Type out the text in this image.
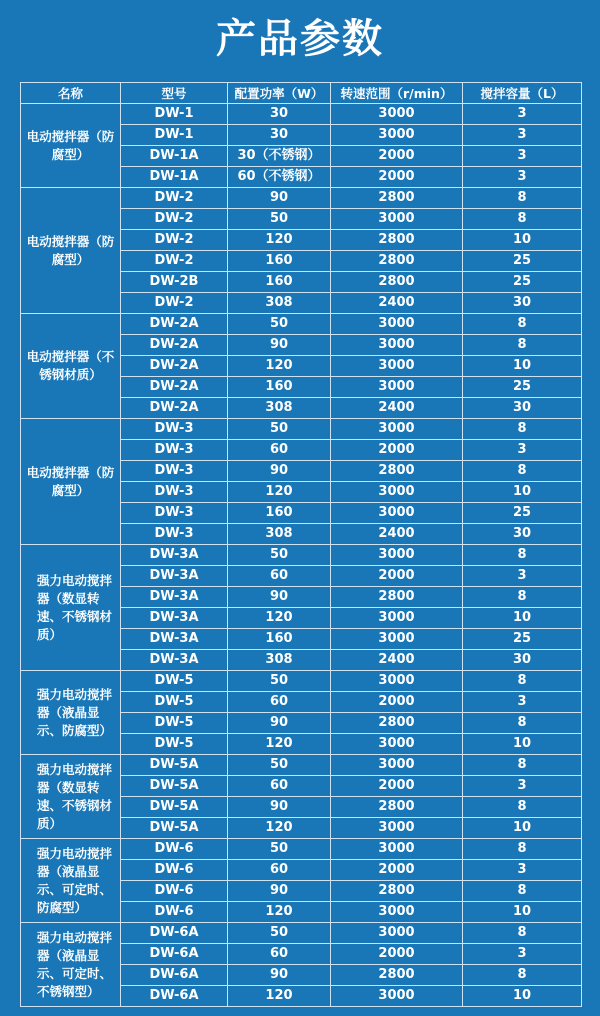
产品参数
名称	型号	配置功率（W）	转速范围（r/min）	搅拌容量（L）
电动搅拌器（防腐型）	DW-1	30	3000	3
	DW-1	30	3000	3
	DW-1A	30（不锈钢）	2000	3
	DW-1A	60（不锈钢）	2000	3
电动搅拌器（防腐型）	DW-2	90	2800	8
	DW-2	50	3000	8
	DW-2	120	2800	10
	DW-2	160	2800	25
	DW-2B	160	2800	25
	DW-2	308	2400	30
电动搅拌器（不锈钢材质）	DW-2A	50	3000	8
	DW-2A	90	3000	8
	DW-2A	120	3000	10
	DW-2A	160	3000	25
	DW-2A	308	2400	30
电动搅拌器（防腐型）	DW-3	50	3000	8
	DW-3	60	2000	3
	DW-3	90	2800	8
	DW-3	120	3000	10
	DW-3	160	3000	25
	DW-3	308	2400	30
强力电动搅拌器（数显转速、不锈钢材质）	DW-3A	50	3000	8
	DW-3A	60	2000	3
	DW-3A	90	2800	8
	DW-3A	120	3000	10
	DW-3A	160	3000	25
	DW-3A	308	2400	30
强力电动搅拌器（液晶显示、防腐型）	DW-5	50	3000	8
	DW-5	60	2000	3
	DW-5	90	2800	8
	DW-5	120	3000	10
强力电动搅拌器（数显转速、不锈钢材质）	DW-5A	50	3000	8
	DW-5A	60	2000	3
	DW-5A	90	2800	8
	DW-5A	120	3000	10
强力电动搅拌器（液晶显示、可定时、防腐型）	DW-6	50	3000	8
	DW-6	60	2000	3
	DW-6	90	2800	8
	DW-6	120	3000	10
强力电动搅拌器（液晶显示、可定时、不锈钢型）	DW-6A	50	3000	8
	DW-6A	60	2000	3
	DW-6A	90	2800	8
	DW-6A	120	3000	10
